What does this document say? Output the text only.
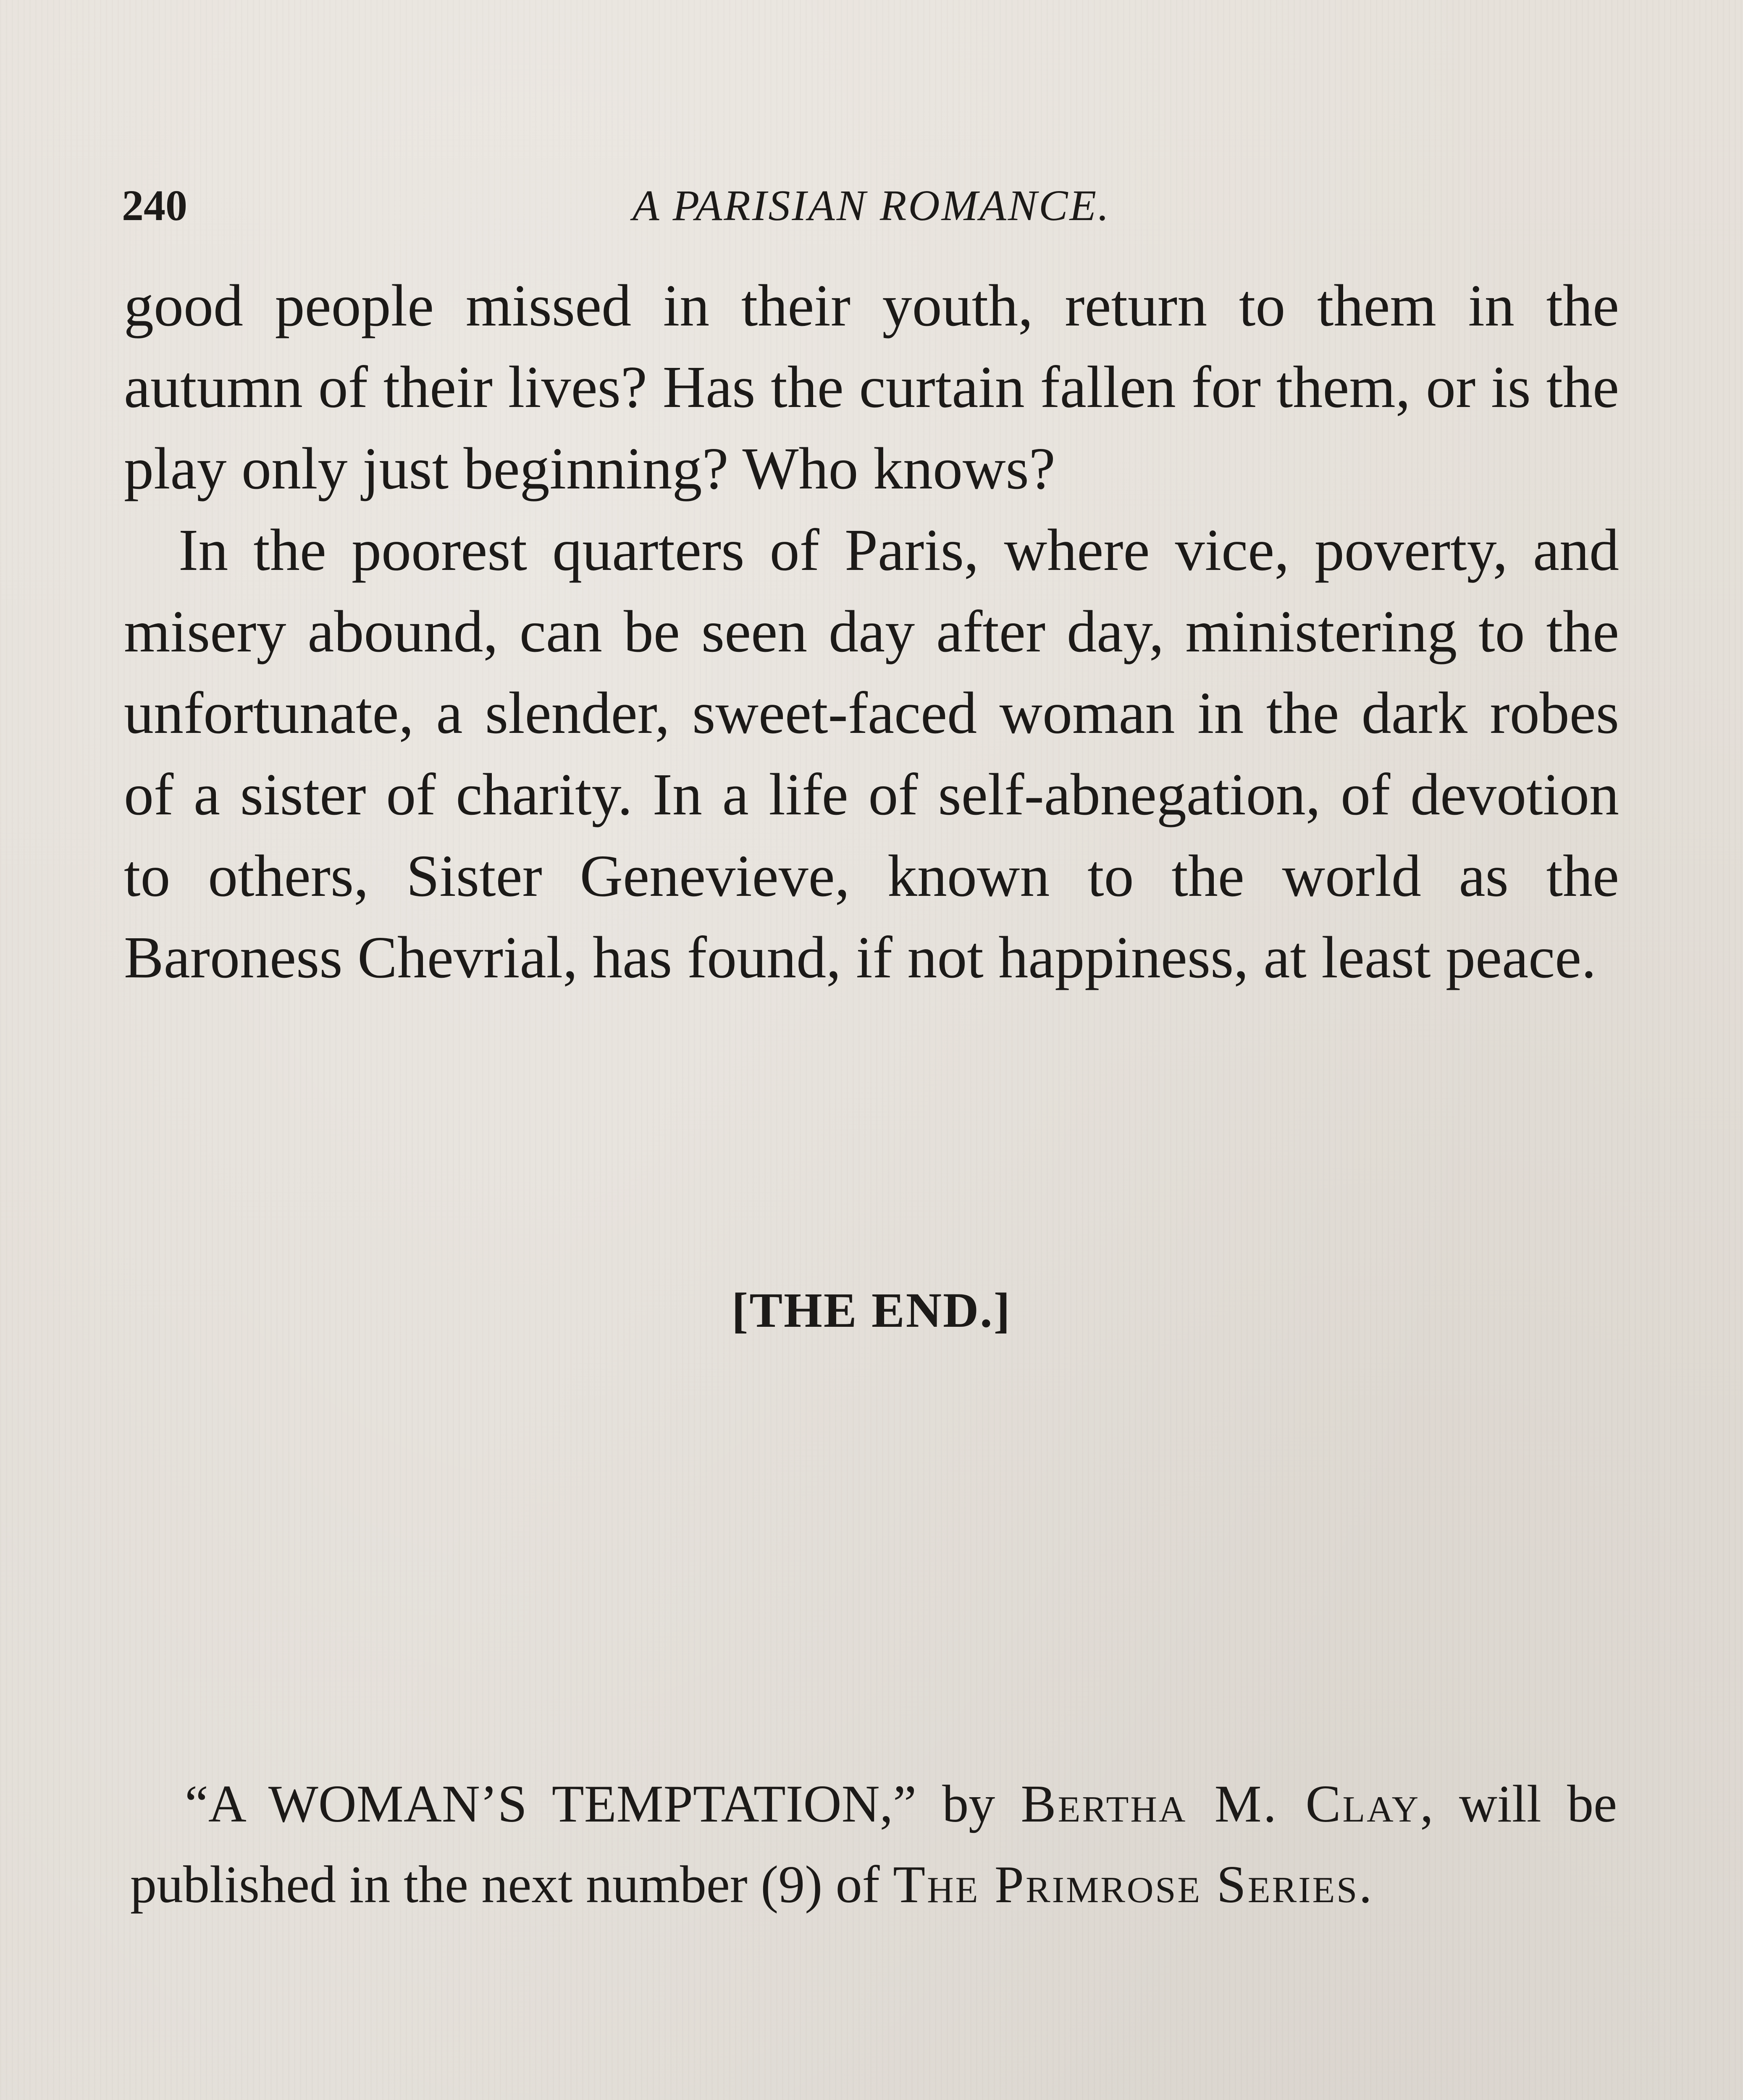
240	A PARISIAN ROMANCE.

good people missed in their youth, return to them in the autumn of their lives? Has the curtain fallen for them, or is the play only just beginning? Who knows?

In the poorest quarters of Paris, where vice, poverty, and misery abound, can be seen day after day, ministering to the unfortunate, a slender, sweet-faced woman in the dark robes of a sister of charity. In a life of self-abnegation, of devotion to others, Sister Genevieve, known to the world as the Baroness Chevrial, has found, if not happiness, at least peace.

[THE END.]
“A WOMAN’S TEMPTATION,” by Bertha M. Clay, will be published in the next number (9) of The Primrose Series.
